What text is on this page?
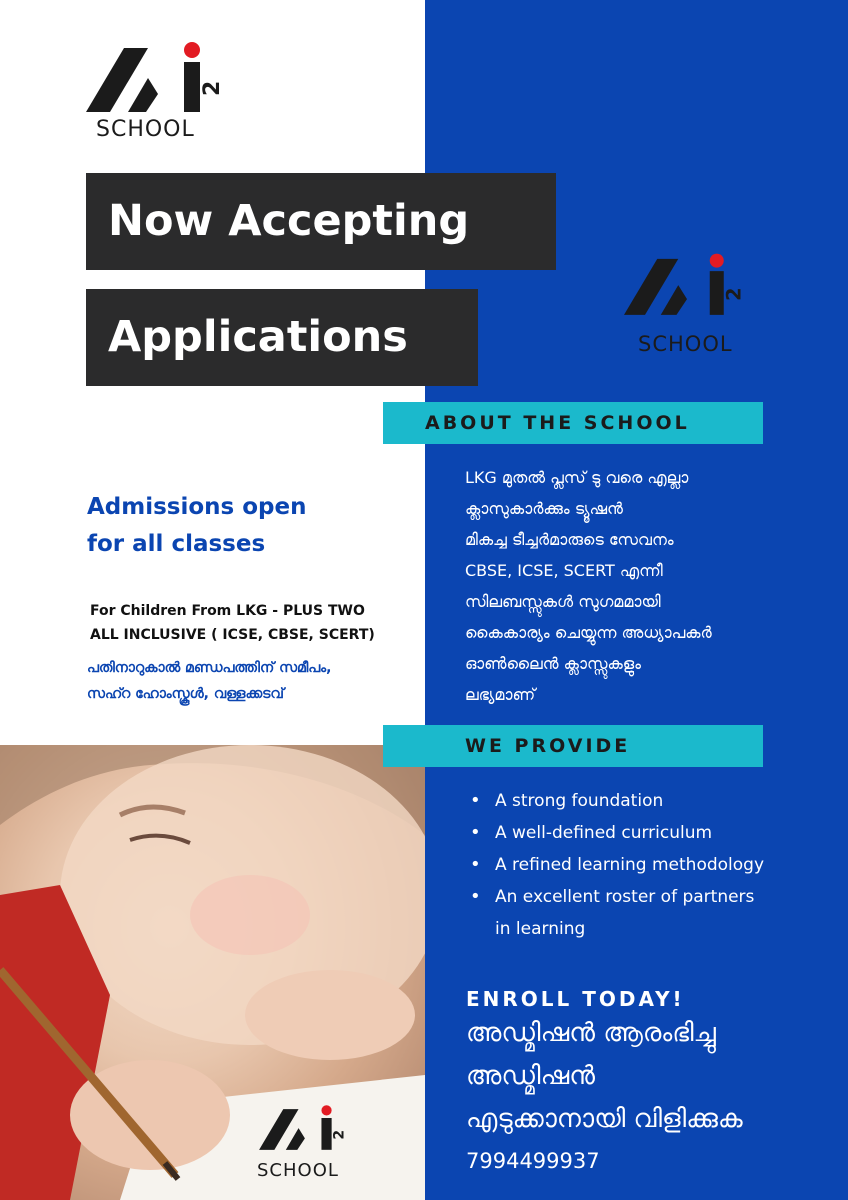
2
SCHOOL
2
SCHOOL
2
SCHOOL
Now Accepting
Applications
ABOUT THE SCHOOL
Admissions open
for all classes
For Children From LKG - PLUS TWO
ALL INCLUSIVE ( ICSE, CBSE, SCERT)
പതിനാറുകാൽ മണ്ഡപത്തിന് സമീപം,
സഹ്റ ഹോംസ്കൂൾ, വള്ളക്കടവ്
LKG മുതൽ പ്ലസ് ടു വരെ എല്ലാ
ക്ലാസുകാർക്കും ട്യൂഷൻ
മികച്ച ടീച്ചർമാരുടെ സേവനം
CBSE, ICSE, SCERT എന്നീ
സിലബസ്സുകൾ സുഗമമായി
കൈകാര്യം ചെയ്യുന്ന അധ്യാപകർ
ഓൺലൈൻ ക്ലാസ്സുകളും
ലഭ്യമാണ്
WE PROVIDE
• A strong foundation
• A well-defined curriculum
• A refined learning methodology
• An excellent roster of partners
in learning
ENROLL TODAY!
അഡ്മിഷൻ ആരംഭിച്ചു
അഡ്മിഷൻ
എടുക്കാനായി വിളിക്കുക
7994499937
